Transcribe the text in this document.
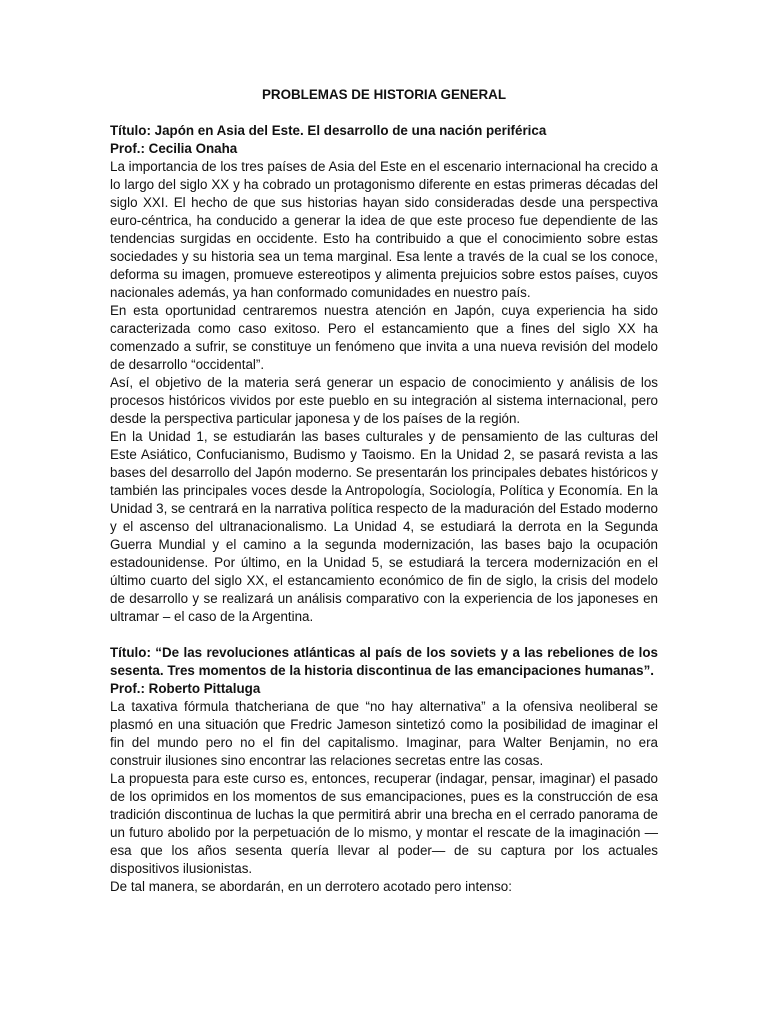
PROBLEMAS DE HISTORIA GENERAL

Título: Japón en Asia del Este. El desarrollo de una nación periférica

Prof.: Cecilia Onaha

La importancia de los tres países de Asia del Este en el escenario internacional ha crecido a lo largo del siglo XX y ha cobrado un protagonismo diferente en estas primeras décadas del siglo XXI. El hecho de que sus historias hayan sido consideradas desde una perspectiva euro-céntrica, ha conducido a generar la idea de que este proceso fue dependiente de las tendencias surgidas en occidente. Esto ha contribuido a que el conocimiento sobre estas sociedades y su historia sea un tema marginal. Esa lente a través de la cual se los conoce, deforma su imagen, promueve estereotipos y alimenta prejuicios sobre estos países, cuyos nacionales además, ya han conformado comunidades en nuestro país.

En esta oportunidad centraremos nuestra atención en Japón, cuya experiencia ha sido caracterizada como caso exitoso. Pero el estancamiento que a fines del siglo XX ha comenzado a sufrir, se constituye un fenómeno que invita a una nueva revisión del modelo de desarrollo “occidental”.

Así, el objetivo de la materia será generar un espacio de conocimiento y análisis de los procesos históricos vividos por este pueblo en su integración al sistema internacional, pero desde la perspectiva particular japonesa y de los países de la región.

En la Unidad 1, se estudiarán las bases culturales y de pensamiento de las culturas del Este Asiático, Confucianismo, Budismo y Taoismo. En la Unidad 2, se pasará revista a las bases del desarrollo del Japón moderno. Se presentarán los principales debates históricos y también las principales voces desde la Antropología, Sociología, Política y Economía. En la Unidad 3, se centrará en la narrativa política respecto de la maduración del Estado moderno y el ascenso del ultranacionalismo. La Unidad 4, se estudiará la derrota en la Segunda Guerra Mundial y el camino a la segunda modernización, las bases bajo la ocupación estadounidense. Por último, en la Unidad 5, se estudiará la tercera modernización en el último cuarto del siglo XX, el estancamiento económico de fin de siglo, la crisis del modelo de desarrollo y se realizará un análisis comparativo con la experiencia de los japoneses en ultramar – el caso de la Argentina.

Título: “De las revoluciones atlánticas al país de los soviets y a las rebeliones de los sesenta. Tres momentos de la historia discontinua de las emancipaciones humanas”.

Prof.: Roberto Pittaluga

La taxativa fórmula thatcheriana de que “no hay alternativa” a la ofensiva neoliberal se plasmó en una situación que Fredric Jameson sintetizó como la posibilidad de imaginar el fin del mundo pero no el fin del capitalismo. Imaginar, para Walter Benjamin, no era construir ilusiones sino encontrar las relaciones secretas entre las cosas.

La propuesta para este curso es, entonces, recuperar (indagar, pensar, imaginar) el pasado de los oprimidos en los momentos de sus emancipaciones, pues es la construcción de esa tradición discontinua de luchas la que permitirá abrir una brecha en el cerrado panorama de un futuro abolido por la perpetuación de lo mismo, y montar el rescate de la imaginación — esa que los años sesenta quería llevar al poder— de su captura por los actuales dispositivos ilusionistas.

De tal manera, se abordarán, en un derrotero acotado pero intenso:
